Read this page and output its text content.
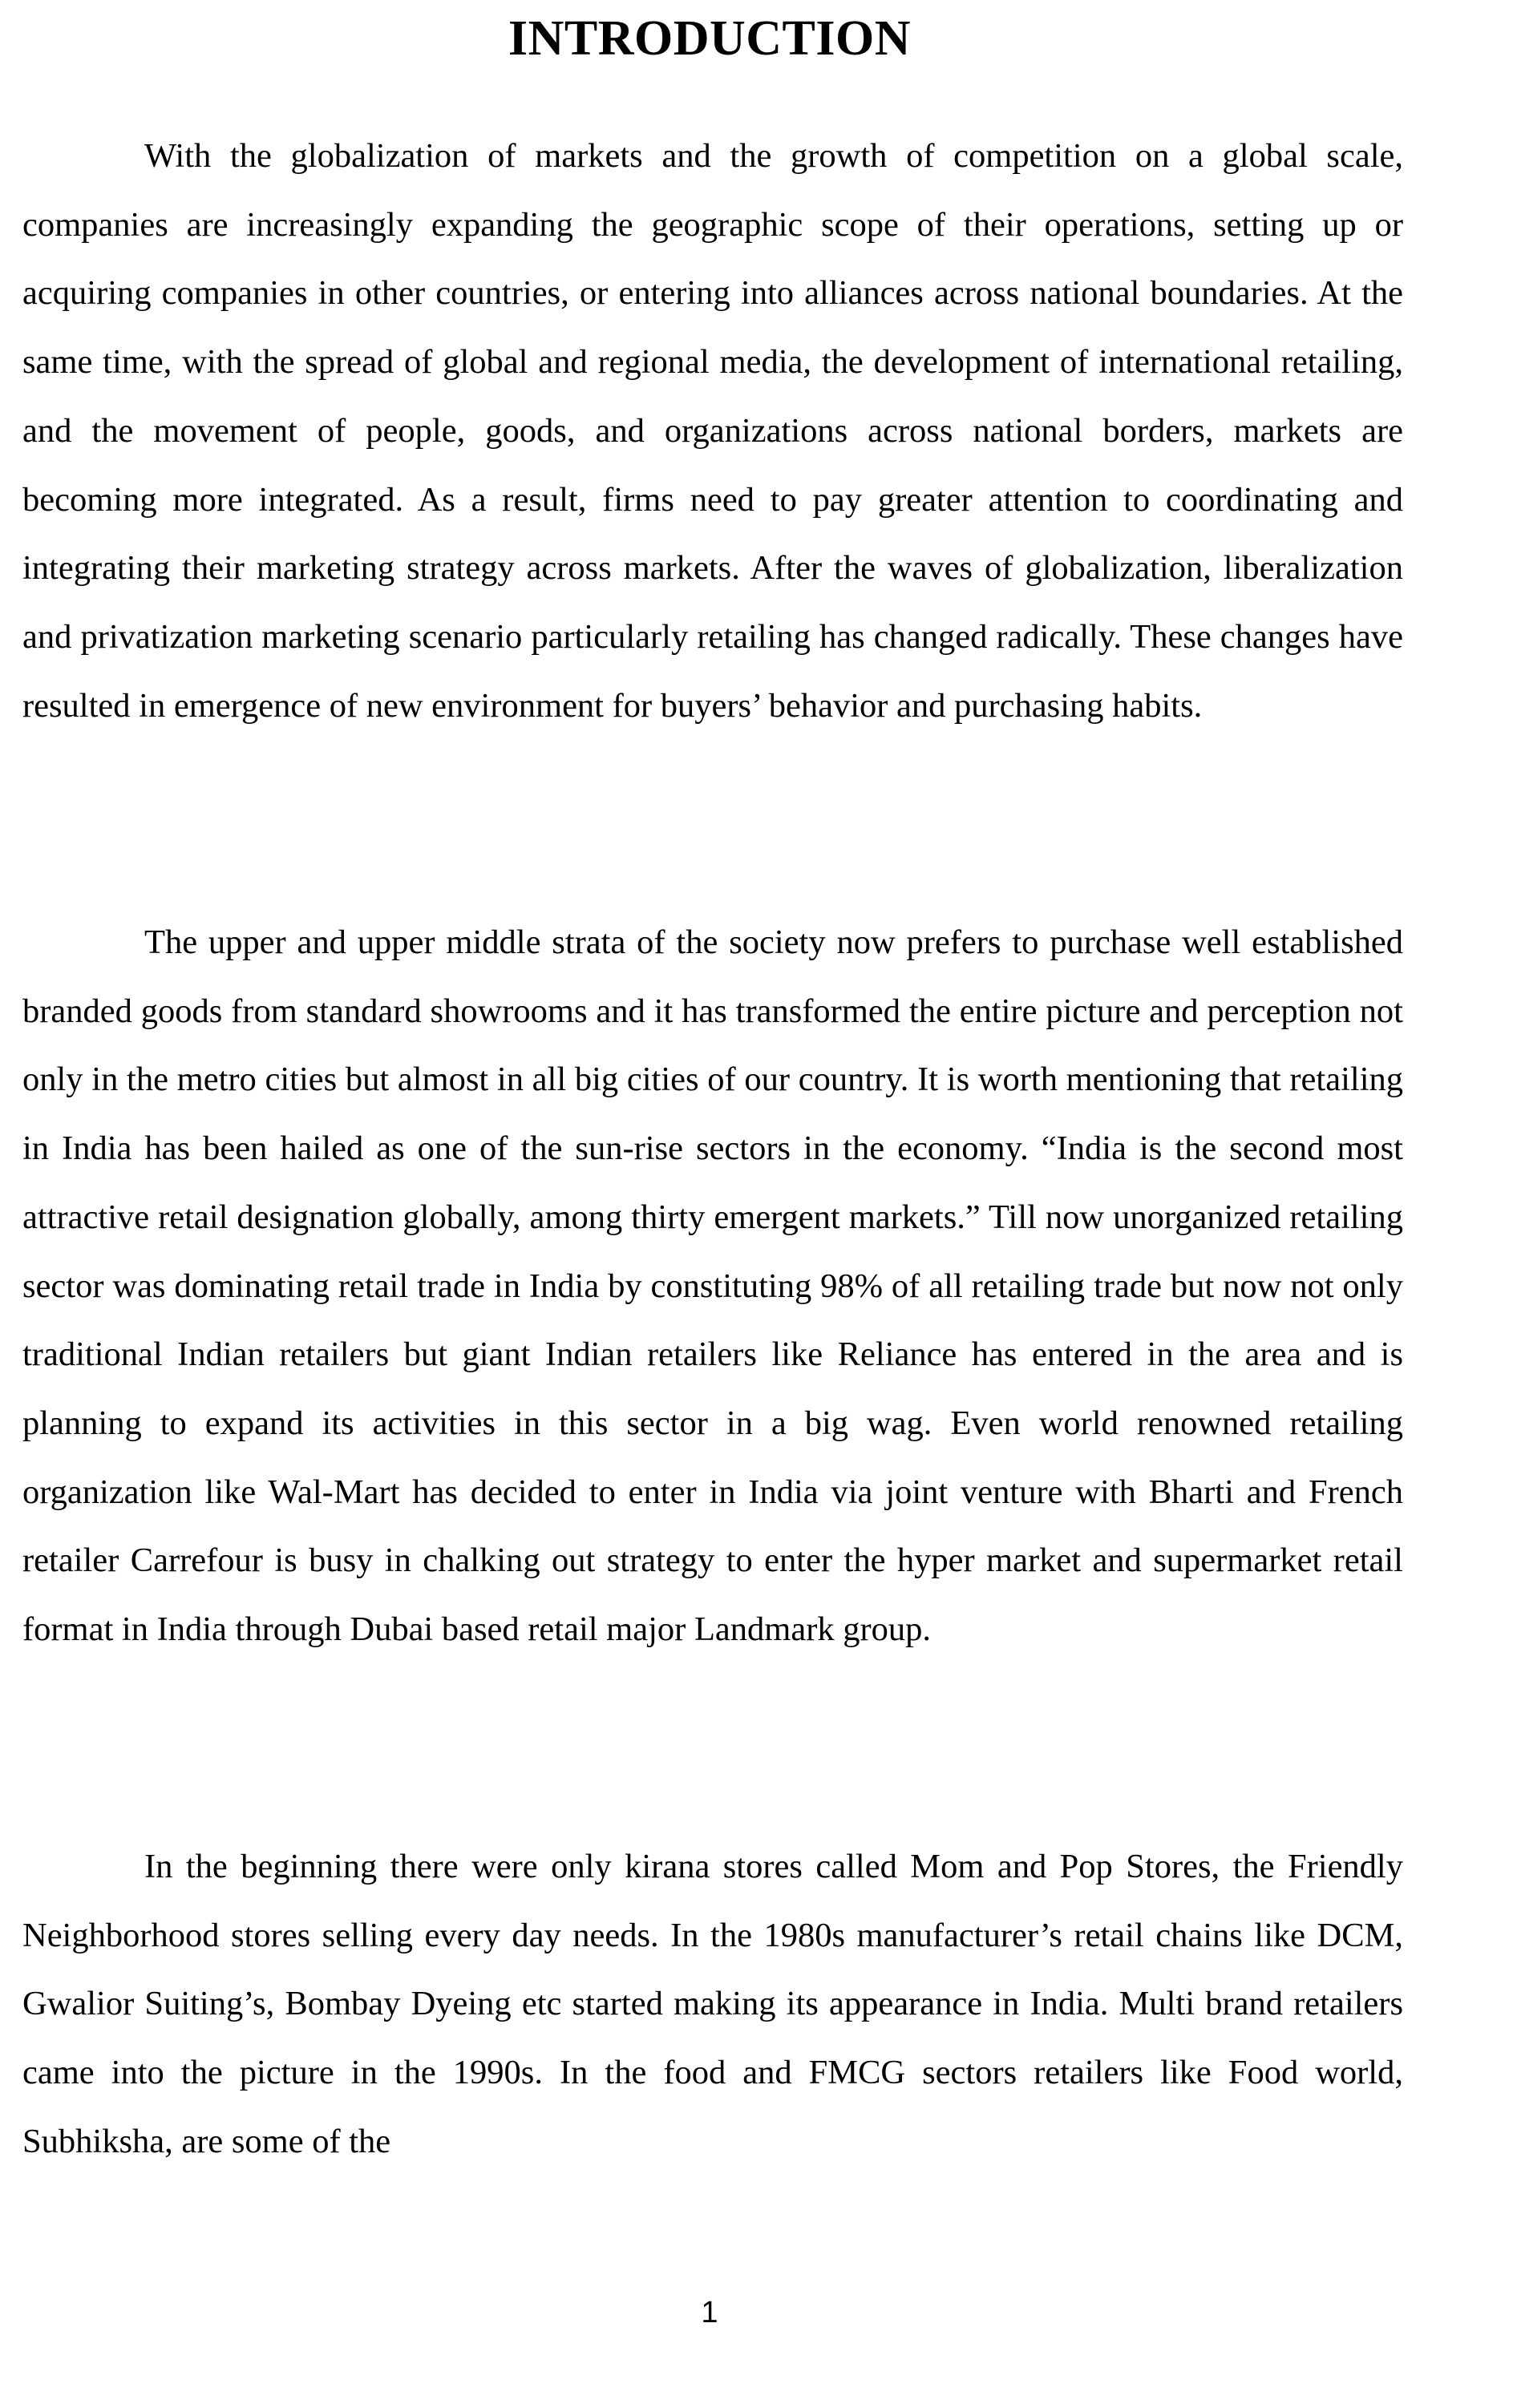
INTRODUCTION

With the globalization of markets and the growth of competition on a global scale, companies are increasingly expanding the geographic scope of their operations, setting up or acquiring companies in other countries, or entering into alliances across national boundaries. At the same time, with the spread of global and regional media, the development of international retailing, and the movement of people, goods, and organizations across national borders, markets are becoming more integrated. As a result, firms need to pay greater attention to coordinating and integrating their marketing strategy across markets. After the waves of globalization, liberalization and privatization marketing scenario particularly retailing has changed radically. These changes have resulted in emergence of new environment for buyers’ behavior and purchasing habits.

The upper and upper middle strata of the society now prefers to purchase well established branded goods from standard showrooms and it has transformed the entire picture and perception not only in the metro cities but almost in all big cities of our country. It is worth mentioning that retailing in India has been hailed as one of the sun-rise sectors in the economy. “India is the second most attractive retail designation globally, among thirty emergent markets.” Till now unorganized retailing sector was dominating retail trade in India by constituting 98% of all retailing trade but now not only traditional Indian retailers but giant Indian retailers like Reliance has entered in the area and is planning to expand its activities in this sector in a big wag. Even world renowned retailing organization like Wal-Mart has decided to enter in India via joint venture with Bharti and French retailer Carrefour is busy in chalking out strategy to enter the hyper market and supermarket retail format in India through Dubai based retail major Landmark group.

In the beginning there were only kirana stores called Mom and Pop Stores, the Friendly Neighborhood stores selling every day needs. In the 1980s manufacturer’s retail chains like DCM, Gwalior Suiting’s, Bombay Dyeing etc started making its appearance in India. Multi brand retailers came into the picture in the 1990s. In the food and FMCG sectors retailers like Food world, Subhiksha, are some of the

1
